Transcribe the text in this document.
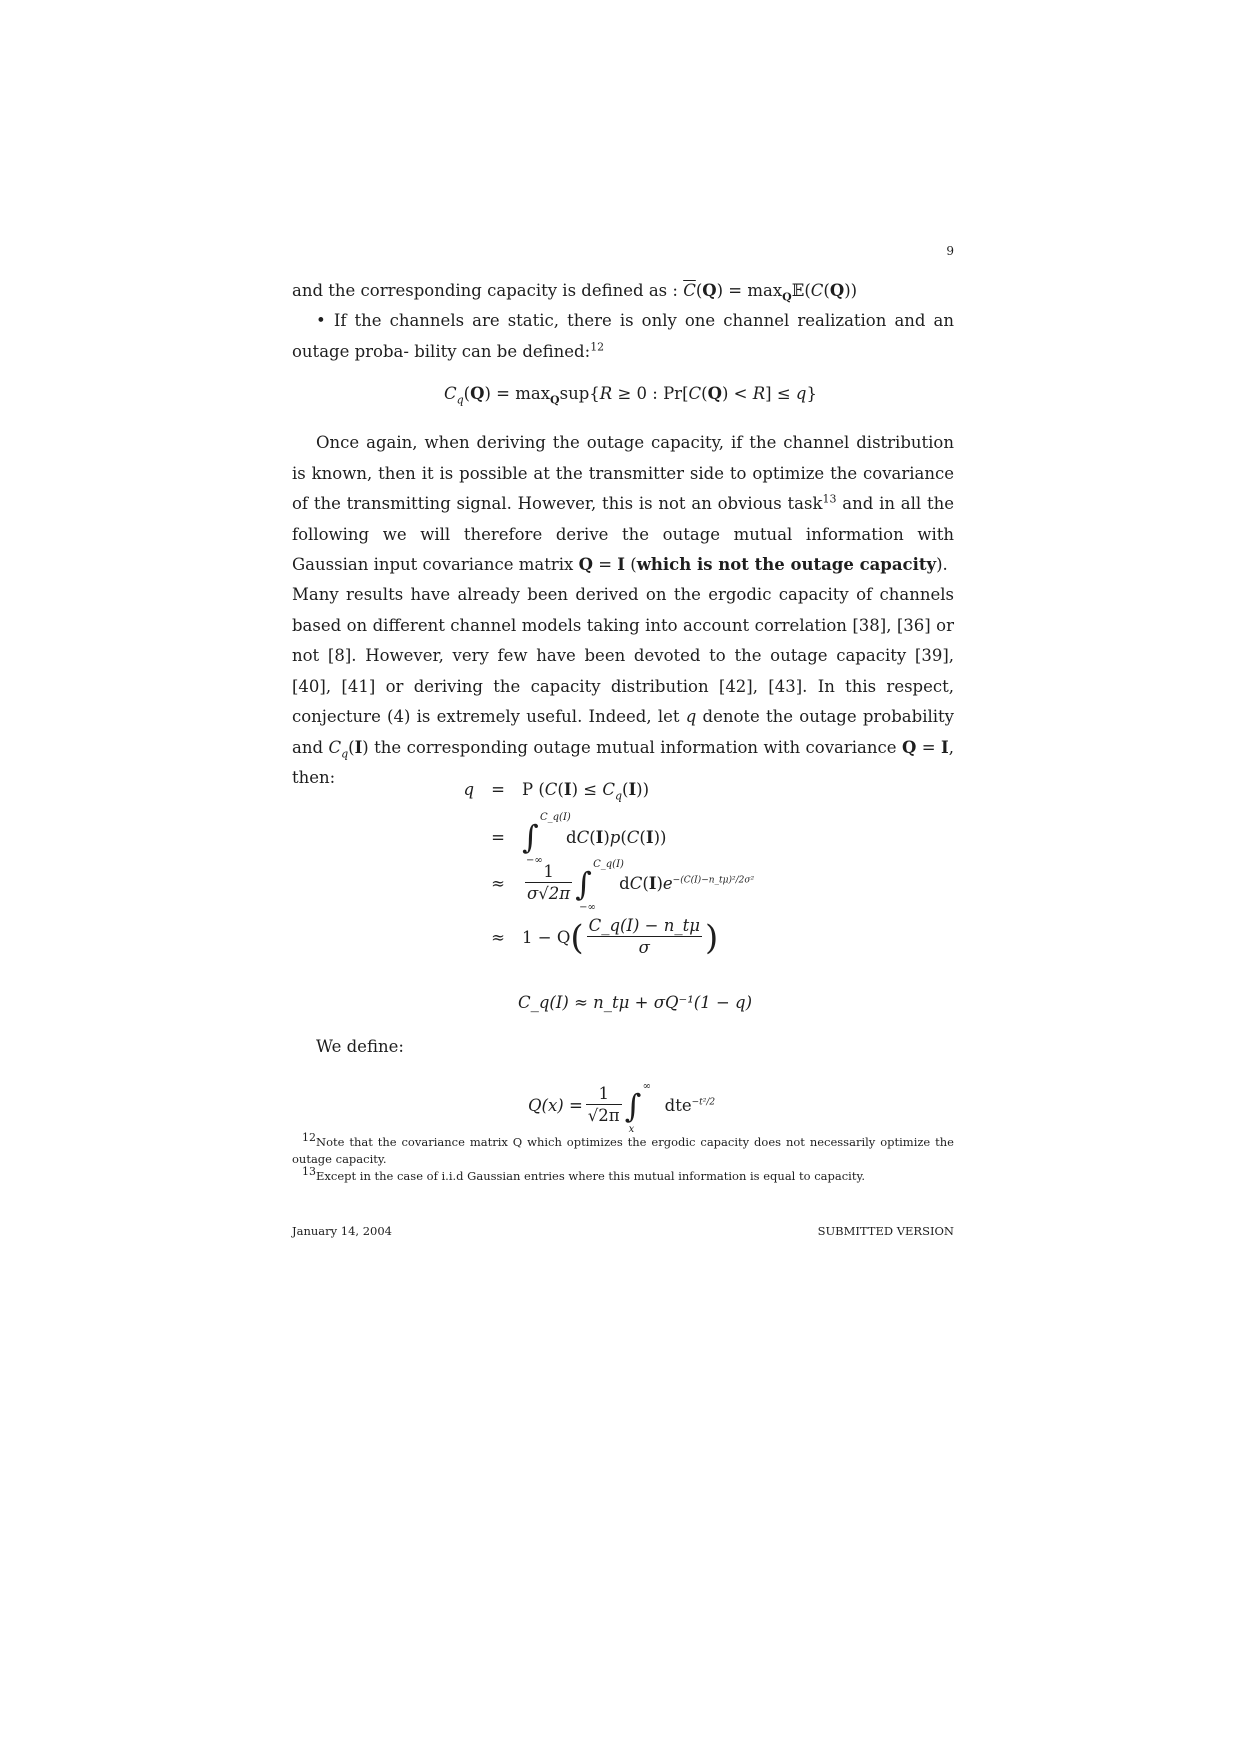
9
and the corresponding capacity is defined as : $\overline{C}(Q)$ = $\max_Q𝔼(C(Q))$
• If the channels are static, there is only one channel realization and an outage proba- bility can be defined:$^{12}$
$C_q(Q) = \max_Qsup\{R \ge 0$ : Pr[C(Q) < R] ≤ q}
Once again, when deriving the outage capacity, if the channel distribution is known, then it is possible at the transmitter side to optimize the covariance of the transmitting signal. However, this is not an obvious task$^{13}$ and in all the following we will therefore derive the outage mutual information with Gaussian input covariance matrix Q = I (which is not the outage capacity).
Many results have already been derived on the ergodic capacity of channels based on different channel models taking into account correlation [38], [36] or not [8]. However, very few have been devoted to the outage capacity [39], [40], [41] or deriving the capacity distribution [42], [43]. In this respect, conjecture (4) is extremely useful. Indeed, let q denote the outage probability and $C_q(I)$ the corresponding outage mutual information with covariance Q = I, then:
q	=	P $(C(I) \le C_q(I))$
= ∫
C_q(I)
−∞
dC(I)p(C(I))
≈	$\frac{1}{\sigma√2\pi}$ ∫
C_q(I)
−∞
$dC(I)e^{-(C(I)-n\_t\mu)^2/2\sigma^2}$
≈	1 − Q ( $\frac{C\_q(I) - n\_t\mu}{\sigma}$ )
C_q(I) ≈ n_tμ + σQ⁻¹(1 − q)
We define:
$Q(x) = \frac{1}{√2\pi}$ ∫
∞
x
dte$^{-t^2/2}$
$^{12}$Note that the covariance matrix Q which optimizes the ergodic capacity does not necessarily optimize the outage capacity.
$^{13}$Except in the case of i.i.d Gaussian entries where this mutual information is equal to capacity.
January 14, 2004	SUBMITTED VERSION
